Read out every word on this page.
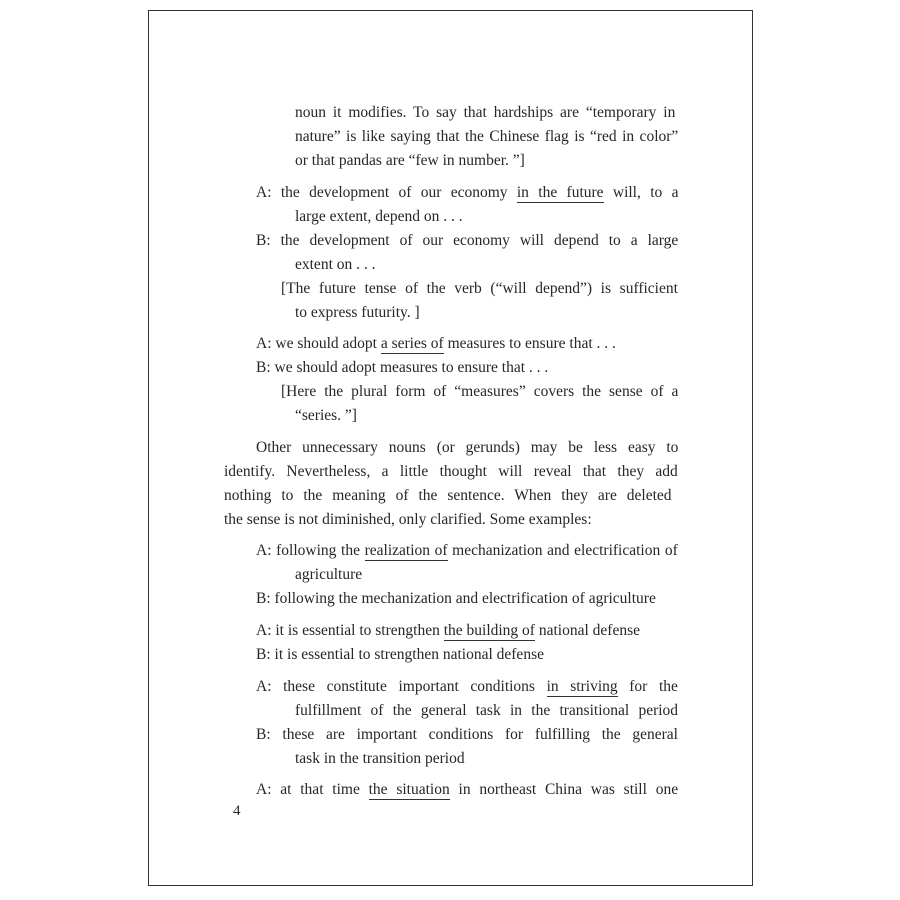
noun it modifies. To say that hardships are “temporary in
nature” is like saying that the Chinese flag is “red in color”
or that pandas are “few in number. ”]
A: the development of our economy in the future will, to a
large extent, depend on . . .
B: the development of our economy will depend to a large
extent on . . .
[The future tense of the verb (“will depend”) is sufficient
to express futurity. ]
A: we should adopt a series of measures to ensure that . . .
B: we should adopt measures to ensure that . . .
[Here the plural form of “measures” covers the sense of a
“series. ”]
Other unnecessary nouns (or gerunds) may be less easy to
identify. Nevertheless, a little thought will reveal that they add
nothing to the meaning of the sentence. When they are deleted
the sense is not diminished, only clarified. Some examples:
A: following the realization of mechanization and electrification of
agriculture
B: following the mechanization and electrification of agriculture
A: it is essential to strengthen the building of national defense
B: it is essential to strengthen national defense
A: these constitute important conditions in striving for the
fulfillment of the general task in the transitional period
B: these are important conditions for fulfilling the general
task in the transition period
A: at that time the situation in northeast China was still one
4
